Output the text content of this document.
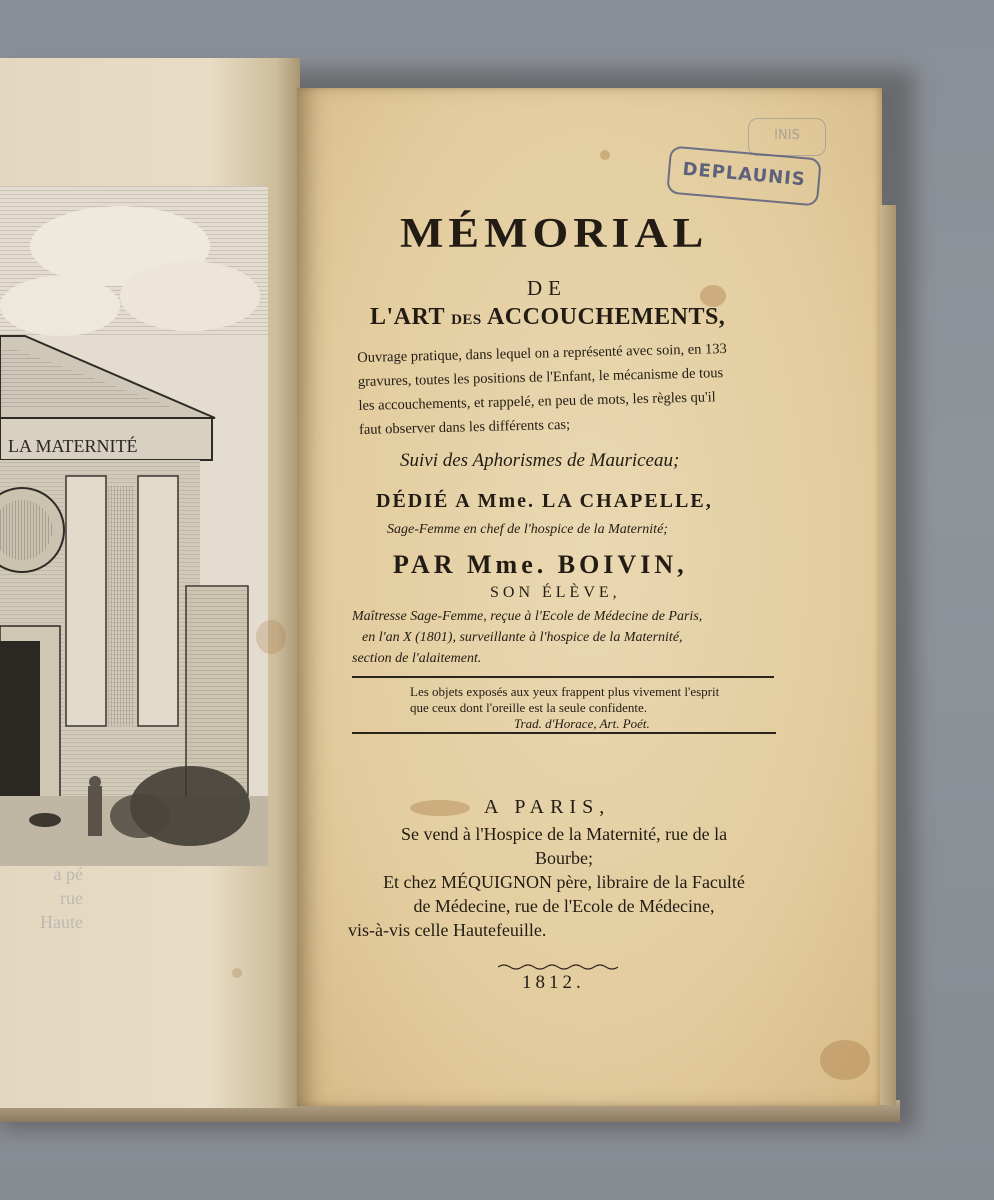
LA MATERNITÉ
a pé
rue
Haute
INIS
DEPLAUNIS
MÉMORIAL
DE
L'ART DES ACCOUCHEMENTS,
Ouvrage pratique, dans lequel on a représenté avec soin, en 133
gravures, toutes les positions de l'Enfant, le mécanisme de tous
les accouchements, et rappelé, en peu de mots, les règles qu'il
faut observer dans les différents cas;
Suivi des Aphorismes de Mauriceau;
DÉDIÉ A Mme. LA CHAPELLE,
Sage-Femme en chef de l'hospice de la Maternité;
PAR Mme. BOIVIN,
SON ÉLÈVE,
Maîtresse Sage-Femme, reçue à l'Ecole de Médecine de Paris,
en l'an X (1801), surveillante à l'hospice de la Maternité,
section de l'alaitement.
Les objets exposés aux yeux frappent plus vivement l'esprit
que ceux dont l'oreille est la seule confidente.
Trad. d'Horace, Art. Poét.
A PARIS,
Se vend à l'Hospice de la Maternité, rue de la
Bourbe;
Et chez MÉQUIGNON père, libraire de la Faculté
de Médecine, rue de l'Ecole de Médecine,
vis-à-vis celle Hautefeuille.
1812.
